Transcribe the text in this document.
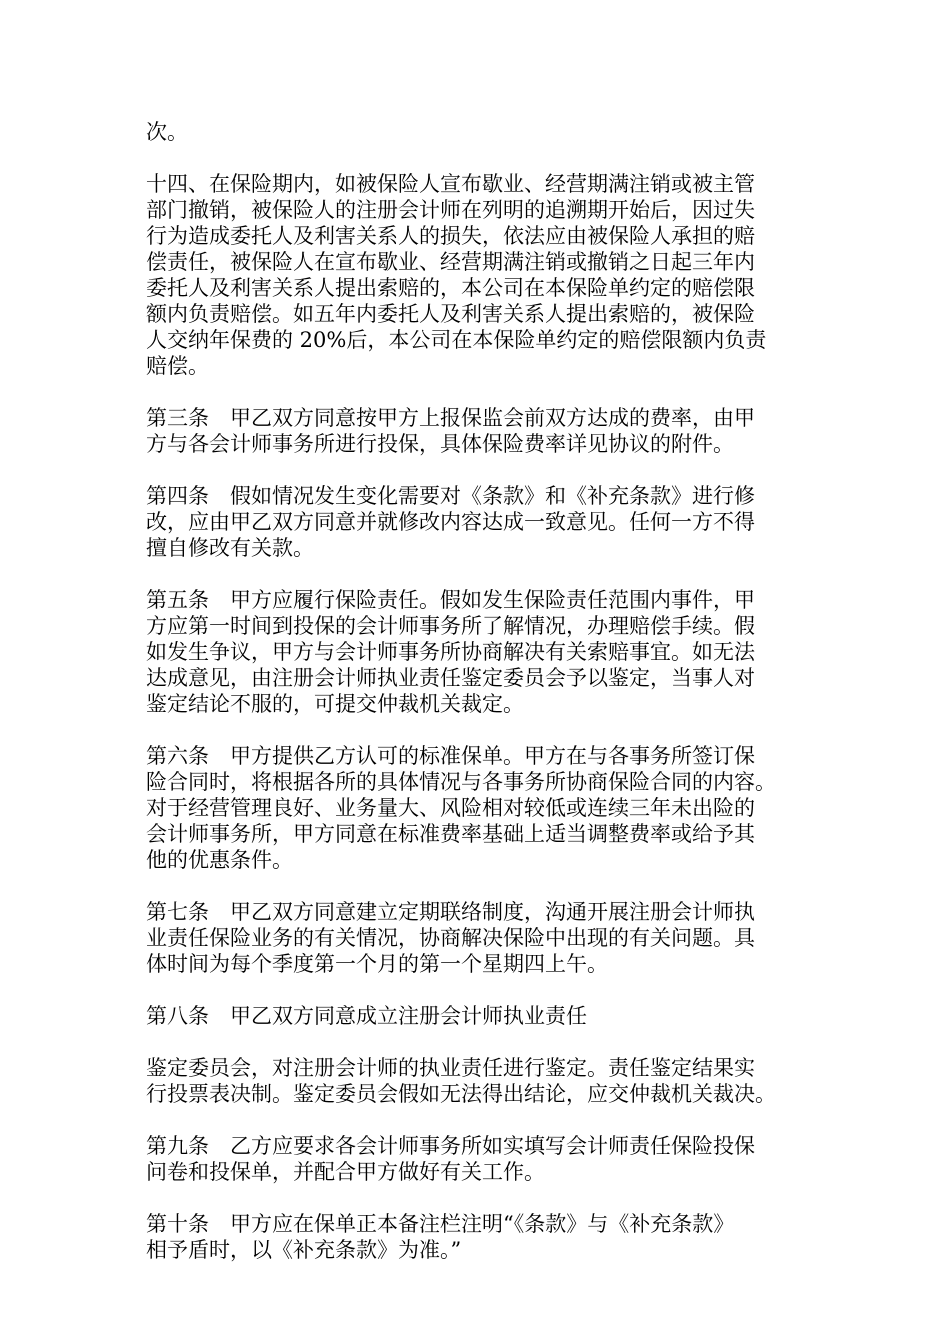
次。
十四、在保险期内，如被保险人宣布歇业、经营期满注销或被主管
部门撤销，被保险人的注册会计师在列明的追溯期开始后，因过失
行为造成委托人及利害关系人的损失，依法应由被保险人承担的赔
偿责任，被保险人在宣布歇业、经营期满注销或撤销之日起三年内
委托人及利害关系人提出索赔的，本公司在本保险单约定的赔偿限
额内负责赔偿。如五年内委托人及利害关系人提出索赔的，被保险
人交纳年保费的 20%后，本公司在本保险单约定的赔偿限额内负责
赔偿。
第三条　甲乙双方同意按甲方上报保监会前双方达成的费率，由甲
方与各会计师事务所进行投保，具体保险费率详见协议的附件。
第四条　假如情况发生变化需要对《条款》和《补充条款》进行修
改，应由甲乙双方同意并就修改内容达成一致意见。任何一方不得
擅自修改有关款。
第五条　甲方应履行保险责任。假如发生保险责任范围内事件，甲
方应第一时间到投保的会计师事务所了解情况，办理赔偿手续。假
如发生争议，甲方与会计师事务所协商解决有关索赔事宜。如无法
达成意见，由注册会计师执业责任鉴定委员会予以鉴定，当事人对
鉴定结论不服的，可提交仲裁机关裁定。
第六条　甲方提供乙方认可的标准保单。甲方在与各事务所签订保
险合同时，将根据各所的具体情况与各事务所协商保险合同的内容。
对于经营管理良好、业务量大、风险相对较低或连续三年未出险的
会计师事务所，甲方同意在标准费率基础上适当调整费率或给予其
他的优惠条件。
第七条　甲乙双方同意建立定期联络制度，沟通开展注册会计师执
业责任保险业务的有关情况，协商解决保险中出现的有关问题。具
体时间为每个季度第一个月的第一个星期四上午。
第八条　甲乙双方同意成立注册会计师执业责任
鉴定委员会，对注册会计师的执业责任进行鉴定。责任鉴定结果实
行投票表决制。鉴定委员会假如无法得出结论，应交仲裁机关裁决。
第九条　乙方应要求各会计师事务所如实填写会计师责任保险投保
问卷和投保单，并配合甲方做好有关工作。
第十条　甲方应在保单正本备注栏注明“《条款》与《补充条款》
相予盾时，以《补充条款》为准。”
